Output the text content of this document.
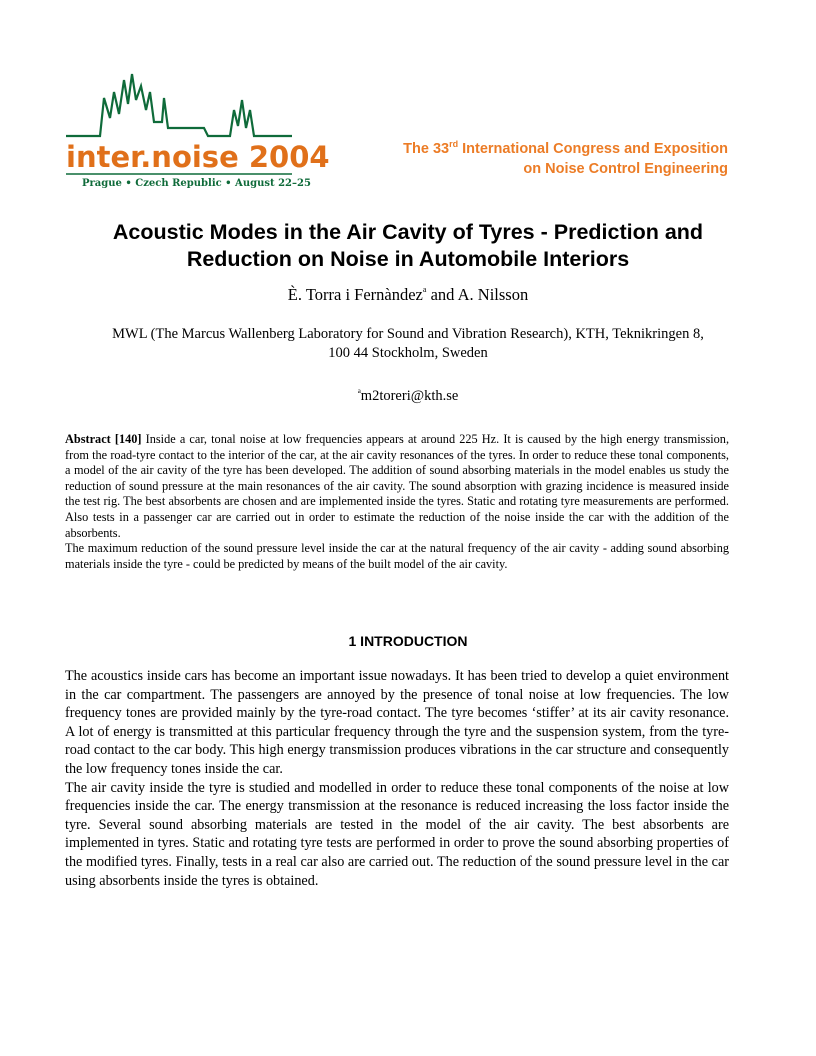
inter.noise 2004
Prague • Czech Republic • August 22–25
The 33rd International Congress and Exposition
on Noise Control Engineering
Acoustic Modes in the Air Cavity of Tyres - Prediction and
Reduction on Noise in Automobile Interiors
È. Torra i Fernàndez$^a$ and A. Nilsson
MWL (The Marcus Wallenberg Laboratory for Sound and Vibration Research), KTH, Teknikringen 8,
100 44 Stockholm, Sweden
$^a$m2toreri@kth.se

Abstract [140] Inside a car, tonal noise at low frequencies appears at around 225 Hz. It is caused by the high energy transmission, from the road-tyre contact to the interior of the car, at the air cavity resonances of the tyres. In order to reduce these tonal components, a model of the air cavity of the tyre has been developed. The addition of sound absorbing materials in the model enables us study the reduction of sound pressure at the main resonances of the air cavity. The sound absorption with grazing incidence is measured inside the test rig. The best absorbents are chosen and are implemented inside the tyres. Static and rotating tyre measurements are performed. Also tests in a passenger car are carried out in order to estimate the reduction of the noise inside the car with the addition of the absorbents.

The maximum reduction of the sound pressure level inside the car at the natural frequency of the air cavity - adding sound absorbing materials inside the tyre - could be predicted by means of the built model of the air cavity.

1 INTRODUCTION

The acoustics inside cars has become an important issue nowadays. It has been tried to develop a quiet environment in the car compartment. The passengers are annoyed by the presence of tonal noise at low frequencies. The low frequency tones are provided mainly by the tyre-road contact. The tyre becomes ‘stiffer’ at its air cavity resonance. A lot of energy is transmitted at this particular frequency through the tyre and the suspension system, from the tyre-road contact to the car body. This high energy transmission produces vibrations in the car structure and consequently the low frequency tones inside the car.

The air cavity inside the tyre is studied and modelled in order to reduce these tonal components of the noise at low frequencies inside the car. The energy transmission at the resonance is reduced increasing the loss factor inside the tyre. Several sound absorbing materials are tested in the model of the air cavity. The best absorbents are implemented in tyres. Static and rotating tyre tests are performed in order to prove the sound absorbing properties of the modified tyres. Finally, tests in a real car also are carried out. The reduction of the sound pressure level in the car using absorbents inside the tyres is obtained.
